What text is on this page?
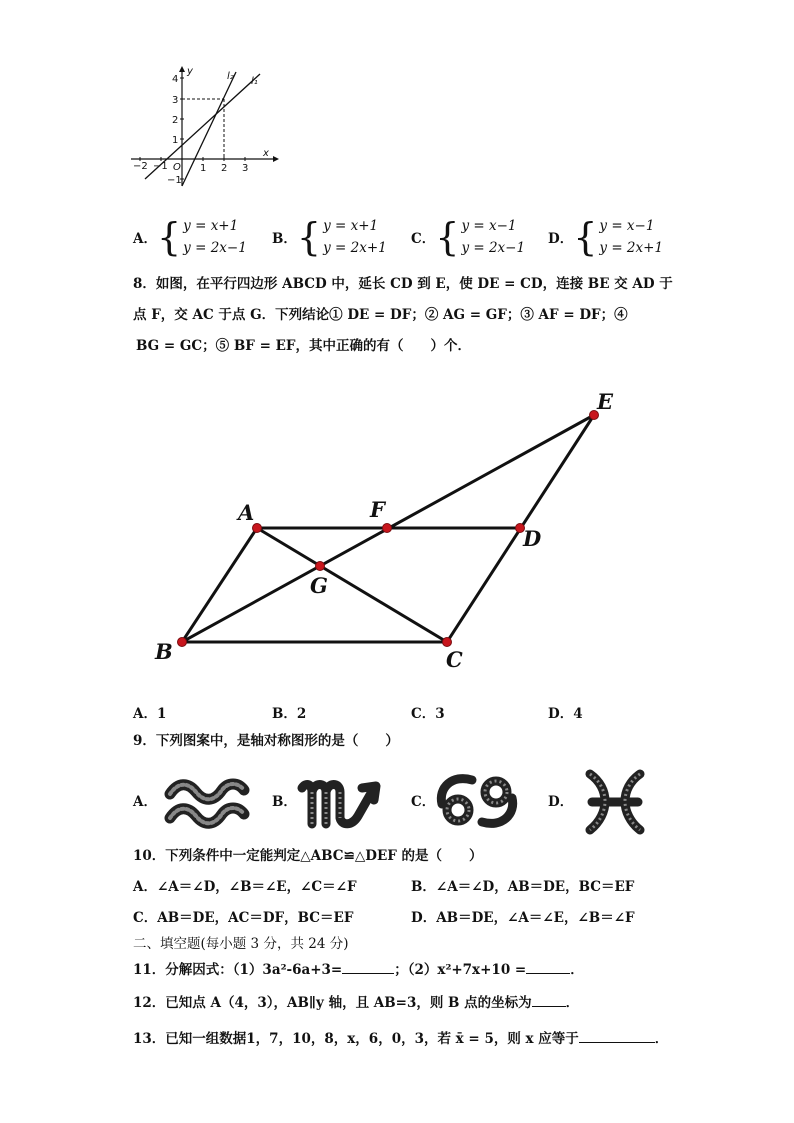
−2 −1	1 2 3
4
3
2
1
−1
O
y
x
l₂ l₁
A． { y = x+1
y = 2x−1
B． { y = x+1
y = 2x+1
C． { y = x−1
y = 2x−1
D． { y = x−1
y = 2x+1
8．如图，在平行四边形 ABCD 中，延长 CD 到 E，使 DE = CD，连接 BE 交 AD 于
点 F，交 AC 于点 G．下列结论① DE = DF；② AG = GF；③ AF = DF；④
BG = GC；⑤ BF = EF，其中正确的有（　　）个．
A
B	C
D
E
F
G
A．1	B．2	C．3	D．4
9．下列图案中，是轴对称图形的是（　　）
A．	B．	C．	D．
10．下列条件中一定能判定△ABC≌△DEF 的是（　　）
A．∠A＝∠D，∠B＝∠E，∠C＝∠F	B．∠A＝∠D，AB＝DE，BC＝EF
C．AB＝DE，AC＝DF，BC＝EF	D．AB＝DE，∠A＝∠E，∠B＝∠F
二、填空题(每小题 3 分，共 24 分)
11．分解因式：（1）3a²-6a+3=	；（2）x²+7x+10 =	．
12．已知点 A（4，3），AB∥y 轴，且 AB=3，则 B 点的坐标为	．
13．已知一组数据1，7，10，8，x，6，0，3，若 x̄ = 5，则 x 应等于	．
